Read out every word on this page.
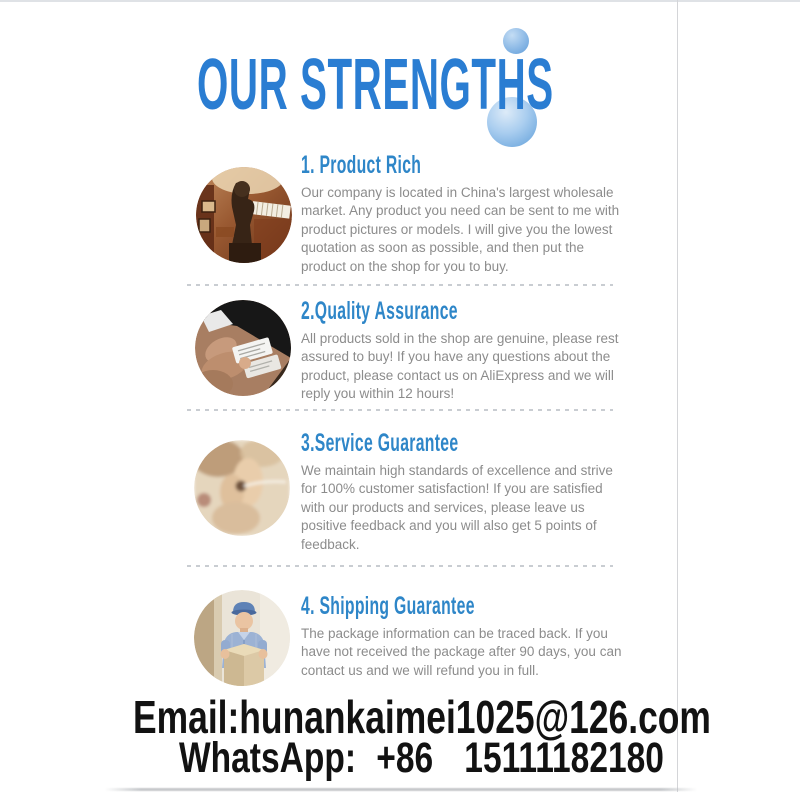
OUR STRENGTHS
1. Product Rich

Our company is located in China's largest wholesale market. Any product you need can be sent to me with product pictures or models. I will give you the lowest quotation as soon as possible, and then put the product on the shop for you to buy.

2.Quality Assurance

All products sold in the shop are genuine, please rest assured to buy! If you have any questions about the product, please contact us on AliExpress and we will reply you within 12 hours!

3.Service Guarantee

We maintain high standards of excellence and strive for 100% customer satisfaction! If you are satisfied with our products and services, please leave us positive feedback and you will also get 5 points of feedback.

4. Shipping Guarantee

The package information can be traced back. If you have not received the package after 90 days, you can contact us and we will refund you in full.

Email:hunankaimei1025@126.com
WhatsApp: +86 15111182180
